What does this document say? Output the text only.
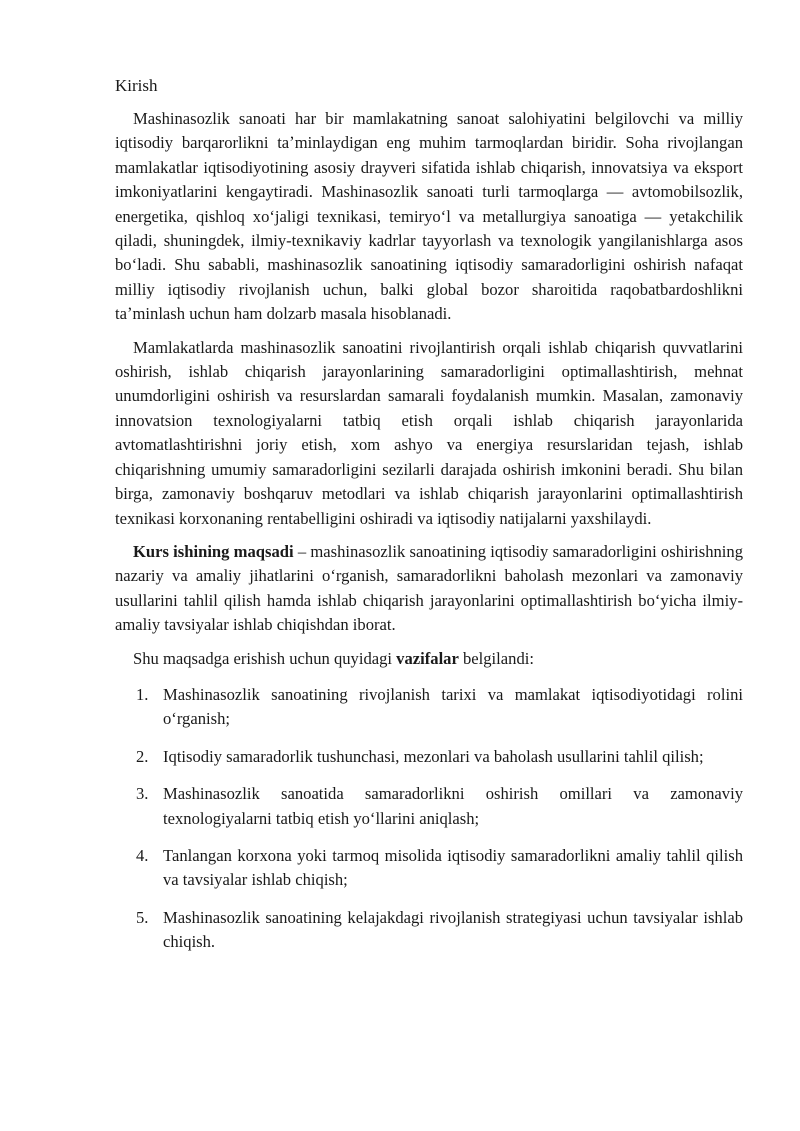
Kirish

Mashinasozlik sanoati har bir mamlakatning sanoat salohiyatini belgilovchi va milliy iqtisodiy barqarorlikni taʼminlaydigan eng muhim tarmoqlardan biridir. Soha rivojlangan mamlakatlar iqtisodiyotining asosiy drayveri sifatida ishlab chiqarish, innovatsiya va eksport imkoniyatlarini kengaytiradi. Mashinasozlik sanoati turli tarmoqlarga — avtomobilsozlik, energetika, qishloq xoʻjaligi texnikasi, temiryoʻl va metallurgiya sanoatiga — yetakchilik qiladi, shuningdek, ilmiy-texnikaviy kadrlar tayyorlash va texnologik yangilanishlarga asos boʻladi. Shu sababli, mashinasozlik sanoatining iqtisodiy samaradorligini oshirish nafaqat milliy iqtisodiy rivojlanish uchun, balki global bozor sharoitida raqobatbardoshlikni taʼminlash uchun ham dolzarb masala hisoblanadi.

Mamlakatlarda mashinasozlik sanoatini rivojlantirish orqali ishlab chiqarish quvvatlarini oshirish, ishlab chiqarish jarayonlarining samaradorligini optimallashtirish, mehnat unumdorligini oshirish va resurslardan samarali foydalanish mumkin. Masalan, zamonaviy innovatsion texnologiyalarni tatbiq etish orqali ishlab chiqarish jarayonlarida avtomatlashtirishni joriy etish, xom ashyo va energiya resurslaridan tejash, ishlab chiqarishning umumiy samaradorligini sezilarli darajada oshirish imkonini beradi. Shu bilan birga, zamonaviy boshqaruv metodlari va ishlab chiqarish jarayonlarini optimallashtirish texnikasi korxonaning rentabelligini oshiradi va iqtisodiy natijalarni yaxshilaydi.

Kurs ishining maqsadi – mashinasozlik sanoatining iqtisodiy samaradorligini oshirishning nazariy va amaliy jihatlarini oʻrganish, samaradorlikni baholash mezonlari va zamonaviy usullarini tahlil qilish hamda ishlab chiqarish jarayonlarini optimallashtirish boʻyicha ilmiy-amaliy tavsiyalar ishlab chiqishdan iborat.

Shu maqsadga erishish uchun quyidagi vazifalar belgilandi:

1. Mashinasozlik sanoatining rivojlanish tarixi va mamlakat iqtisodiyotidagi rolini oʻrganish;
2. Iqtisodiy samaradorlik tushunchasi, mezonlari va baholash usullarini tahlil qilish;
3. Mashinasozlik sanoatida samaradorlikni oshirish omillari va zamonaviy texnologiyalarni tatbiq etish yoʻllarini aniqlash;
4. Tanlangan korxona yoki tarmoq misolida iqtisodiy samaradorlikni amaliy tahlil qilish va tavsiyalar ishlab chiqish;
5. Mashinasozlik sanoatining kelajakdagi rivojlanish strategiyasi uchun tavsiyalar ishlab chiqish.
